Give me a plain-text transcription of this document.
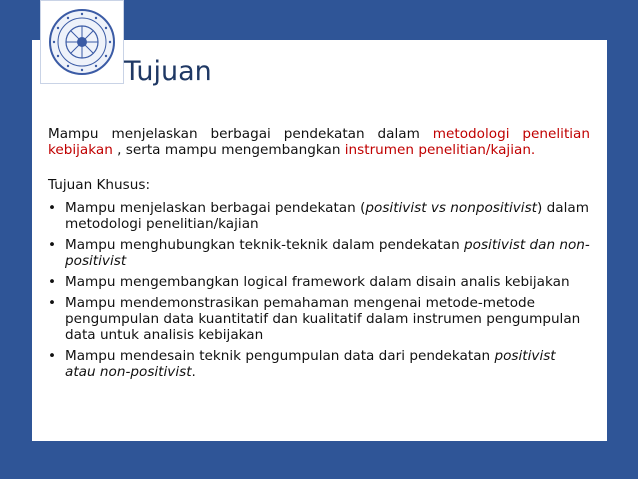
Tujuan
Mampu menjelaskan berbagai pendekatan dalam metodologi penelitian kebijakan , serta mampu mengembangkan instrumen penelitian/kajian.
Tujuan Khusus:
• Mampu menjelaskan berbagai pendekatan (positivist vs nonpositivist) dalam metodologi penelitian/kajian
• Mampu menghubungkan teknik-teknik dalam pendekatan positivist dan non-positivist
• Mampu mengembangkan logical framework dalam disain analis kebijakan
• Mampu mendemonstrasikan pemahaman mengenai metode-metode pengumpulan data kuantitatif dan kualitatif dalam instrumen pengumpulan data untuk analisis kebijakan
• Mampu mendesain teknik pengumpulan data dari pendekatan positivist atau non-positivist.
